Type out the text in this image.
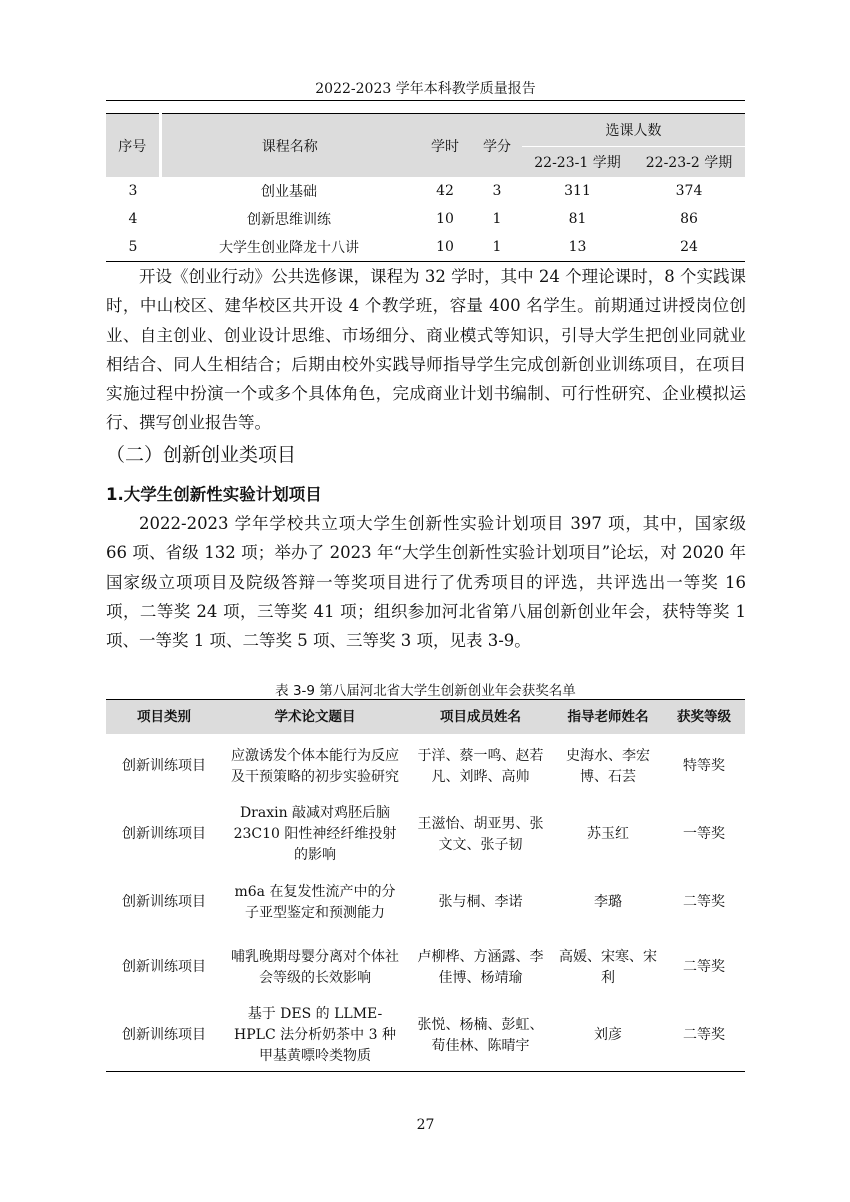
2022-2023 学年本科教学质量报告
序号	课程名称	学时	学分	选课人数	
				22-23-1 学期	22-23-2 学期
3	创业基础	42	3	311	374
4	创新思维训练	10	1	81	86
5	大学生创业降龙十八讲	10	1	13	24

开设《创业行动》公共选修课，课程为 32 学时，其中 24 个理论课时，8 个实践课时，中山校区、建华校区共开设 4 个教学班，容量 400 名学生。前期通过讲授岗位创业、自主创业、创业设计思维、市场细分、商业模式等知识，引导大学生把创业同就业相结合、同人生相结合；后期由校外实践导师指导学生完成创新创业训练项目，在项目实施过程中扮演一个或多个具体角色，完成商业计划书编制、可行性研究、企业模拟运行、撰写创业报告等。

（二）创新创业类项目
1.大学生创新性实验计划项目

2022-2023 学年学校共立项大学生创新性实验计划项目 397 项，其中，国家级 66 项、省级 132 项；举办了 2023 年“大学生创新性实验计划项目”论坛，对 2020 年国家级立项项目及院级答辩一等奖项目进行了优秀项目的评选，共评选出一等奖 16 项，二等奖 24 项，三等奖 41 项；组织参加河北省第八届创新创业年会，获特等奖 1 项、一等奖 1 项、二等奖 5 项、三等奖 3 项，见表 3-9。

表 3-9 第八届河北省大学生创新创业年会获奖名单
项目类别	学术论文题目	项目成员姓名	指导老师姓名	获奖等级
创新训练项目	应激诱发个体本能行为反应及干预策略的初步实验研究	于洋、蔡一鸣、赵若凡、刘晔、高帅	史海水、李宏博、石芸	特等奖
创新训练项目	Draxin 敲减对鸡胚后脑 23C10 阳性神经纤维投射的影响	王滋怡、胡亚男、张文文、张子韧	苏玉红	一等奖
创新训练项目	m6a 在复发性流产中的分子亚型鉴定和预测能力	张与桐、李诺	李璐	二等奖
创新训练项目	哺乳晚期母婴分离对个体社会等级的长效影响	卢柳桦、方涵露、李佳博、杨靖瑜	高媛、宋寒、宋利	二等奖
创新训练项目	基于 DES 的 LLME-HPLC 法分析奶茶中 3 种甲基黄嘌呤类物质	张悦、杨楠、彭虹、荀佳林、陈晴宇	刘彦	二等奖
27
